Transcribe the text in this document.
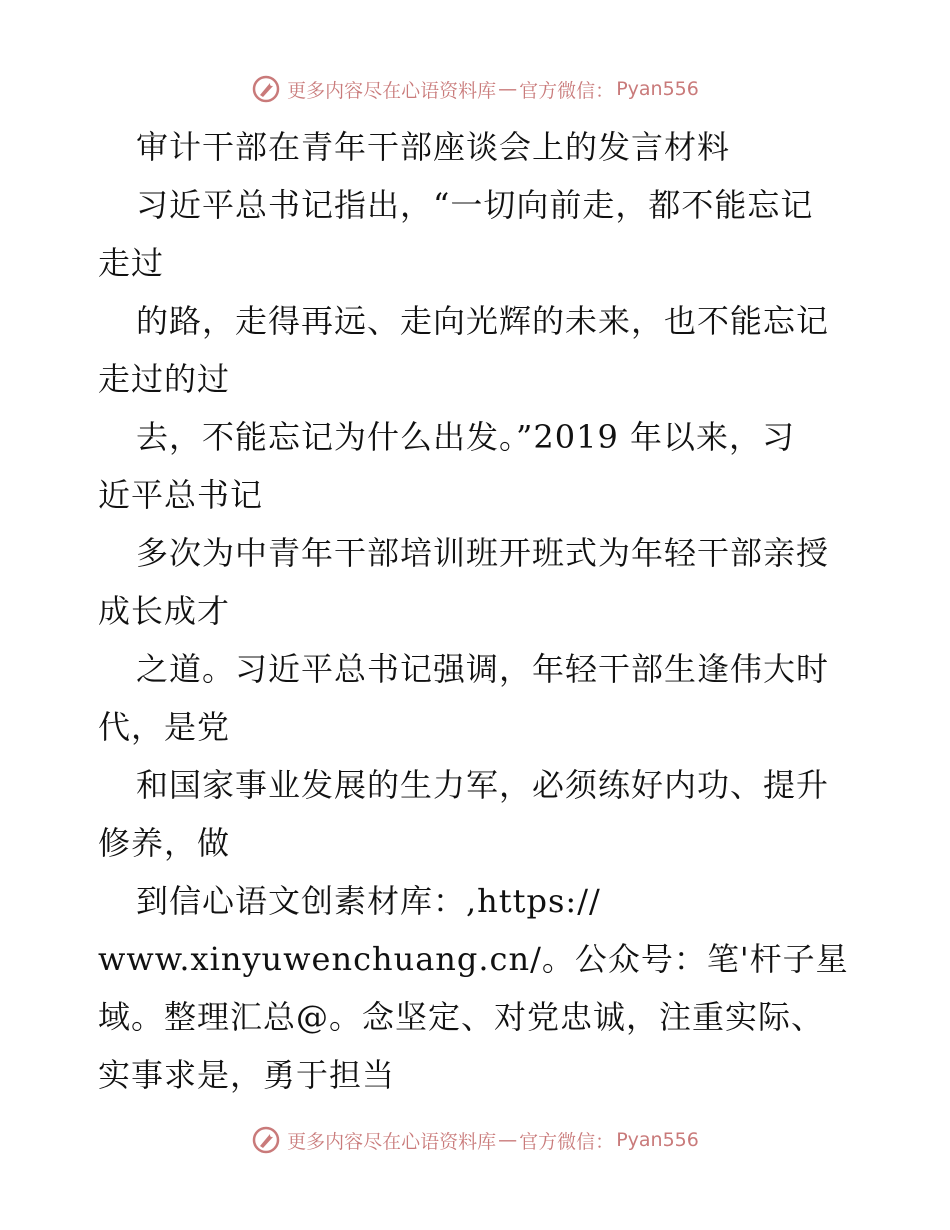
更多内容尽在心语资料库 — 官方微信： Pyan556
审计干部在青年干部座谈会上的发言材料
习近平总书记指出，“一切向前走，都不能忘记
走过
的路，走得再远、走向光辉的未来，也不能忘记
走过的过
去，不能忘记为什么出发。”2019 年以来，习
近平总书记
多次为中青年干部培训班开班式为年轻干部亲授
成长成才
之道。习近平总书记强调，年轻干部生逢伟大时
代，是党
和国家事业发展的生力军，必须练好内功、提升
修养，做
到信心语文创素材库：,https://
www.xinyuwenchuang.cn/。公众号：笔'杆子星
域。整理汇总@。念坚定、对党忠诚，注重实际、
实事求是，勇于担当
更多内容尽在心语资料库 — 官方微信： Pyan556
